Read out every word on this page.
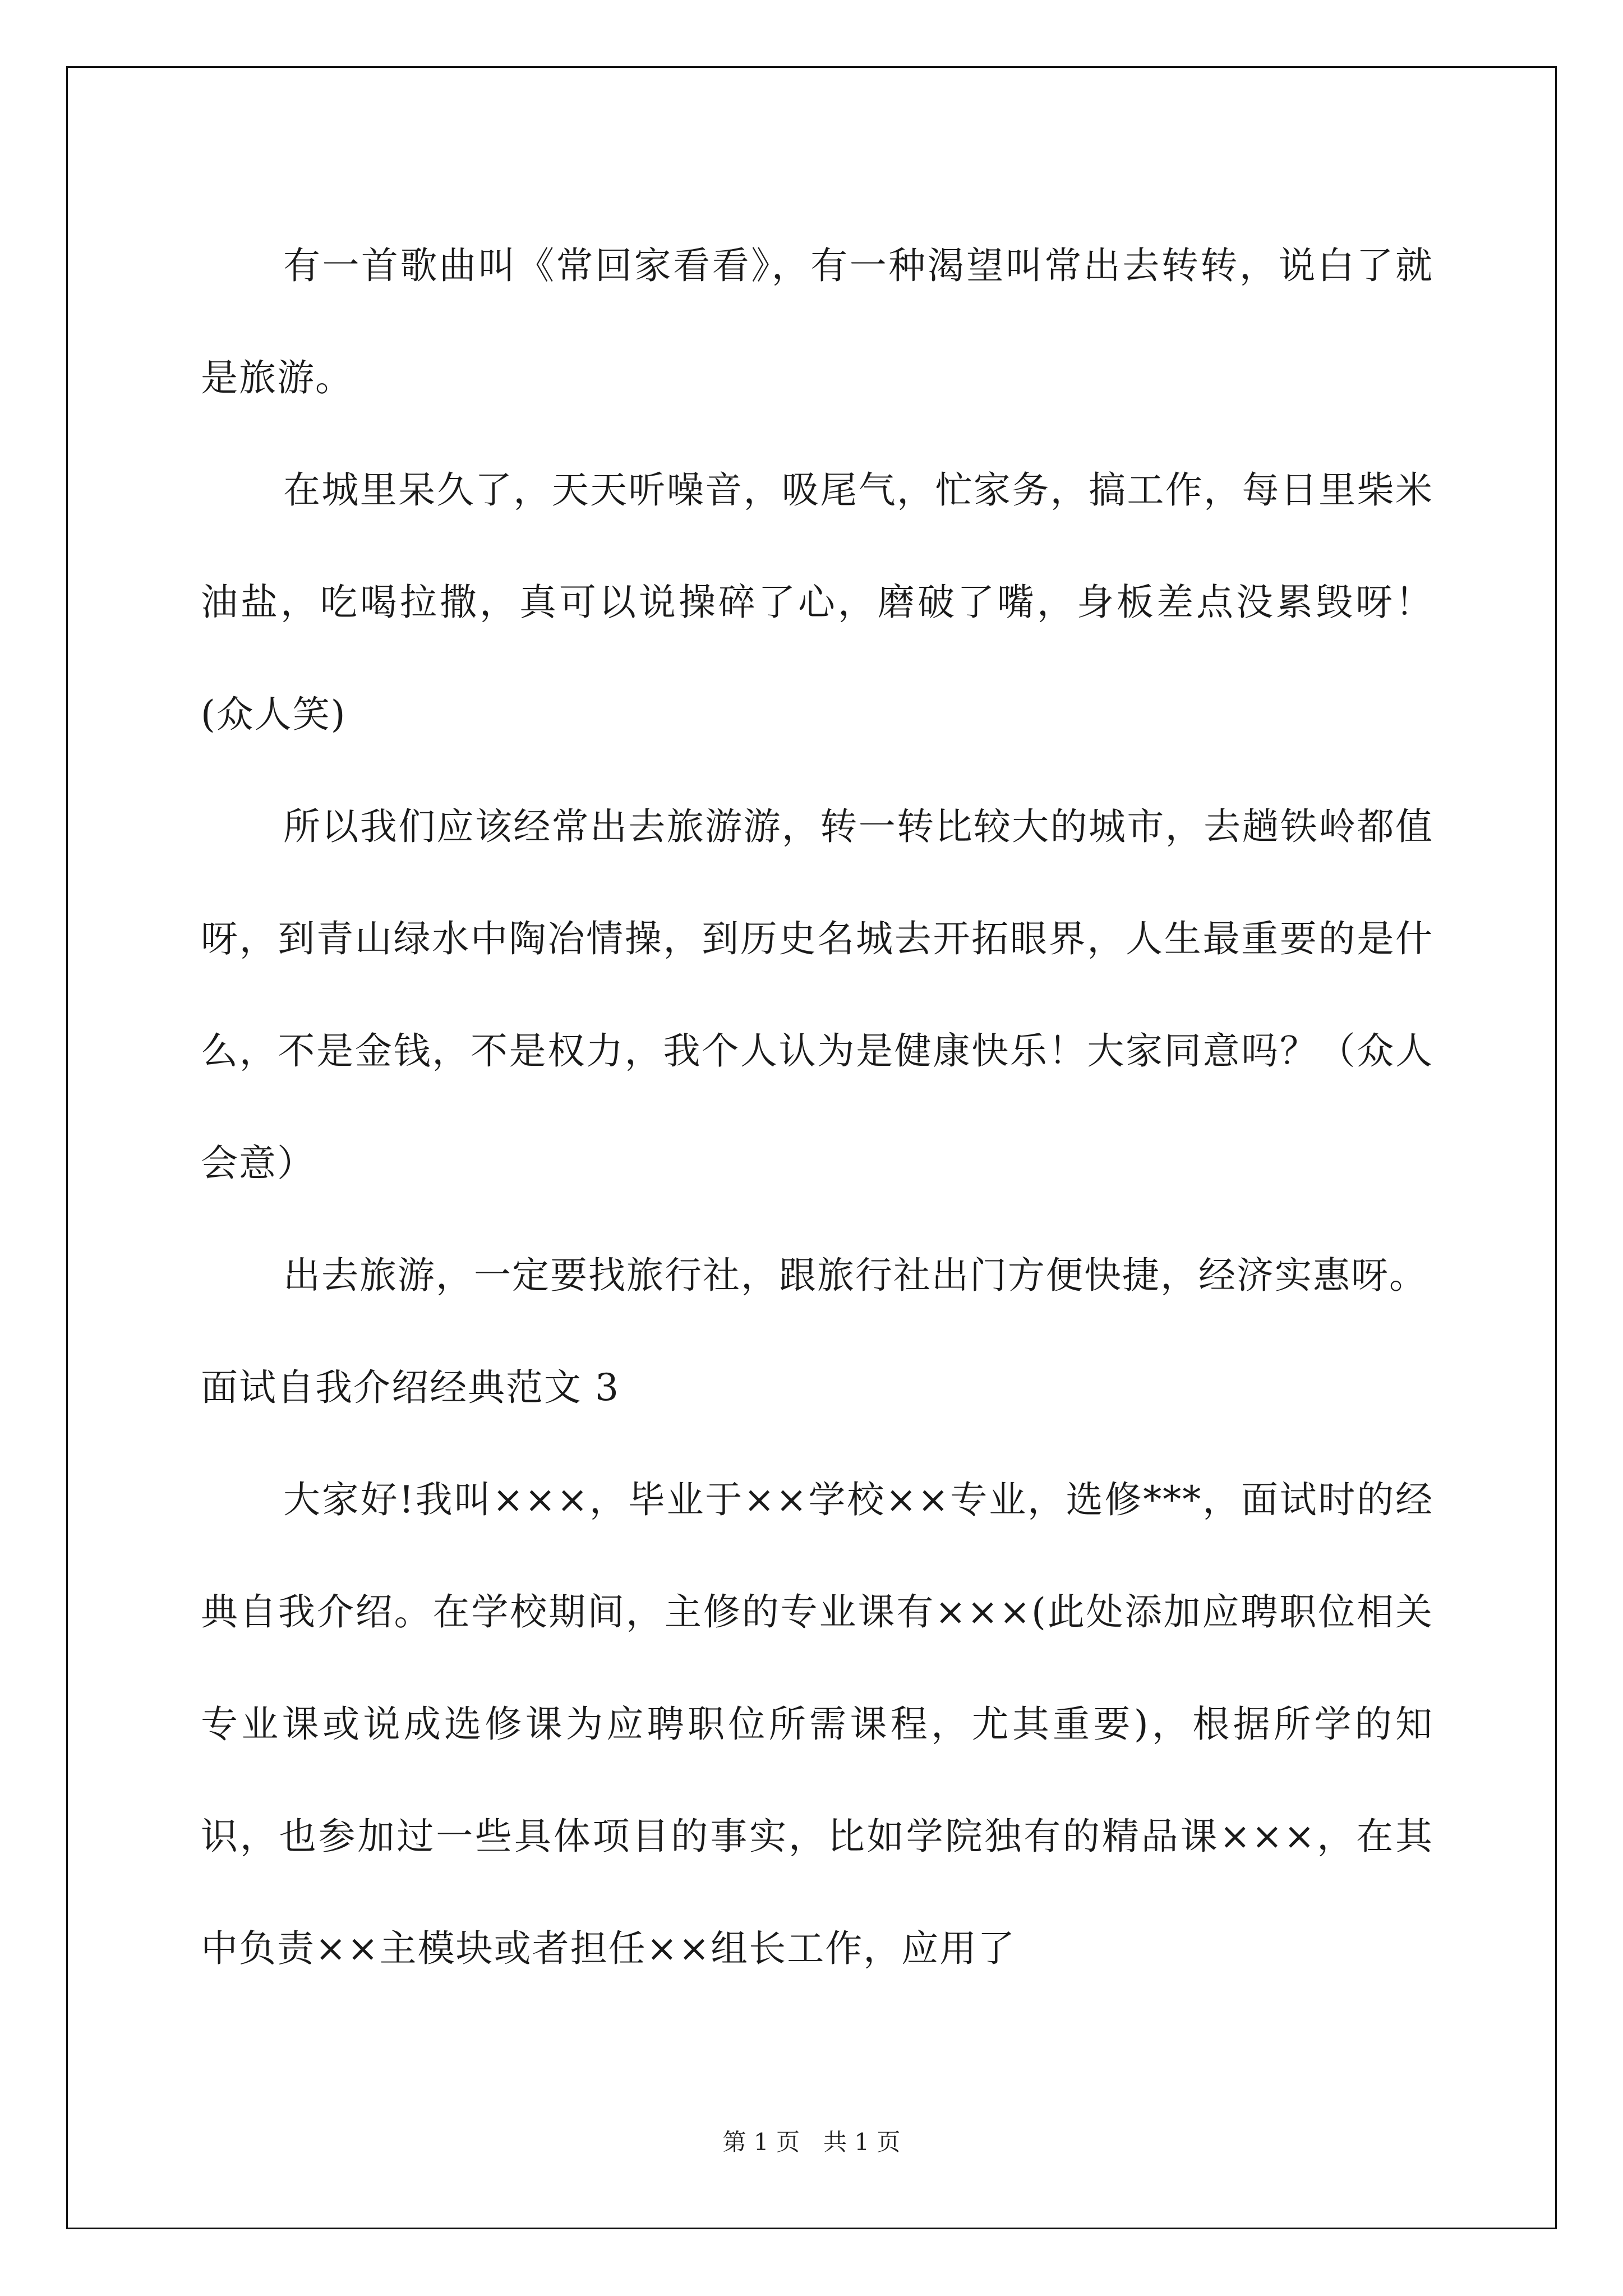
有一首歌曲叫《常回家看看》，有一种渴望叫常出去转转，说白了就是旅游。

在城里呆久了，天天听噪音，吸尾气，忙家务，搞工作，每日里柴米油盐，吃喝拉撒，真可以说操碎了心，磨破了嘴，身板差点没累毁呀！(众人笑)

所以我们应该经常出去旅游游，转一转比较大的城市，去趟铁岭都值呀，到青山绿水中陶冶情操，到历史名城去开拓眼界，人生最重要的是什么，不是金钱，不是权力，我个人认为是健康快乐！大家同意吗？（众人会意）

出去旅游，一定要找旅行社，跟旅行社出门方便快捷，经济实惠呀。

面试自我介绍经典范文 3

大家好!我叫×××，毕业于××学校××专业，选修***，面试时的经典自我介绍。在学校期间，主修的专业课有×××(此处添加应聘职位相关专业课或说成选修课为应聘职位所需课程，尤其重要)，根据所学的知识，也参加过一些具体项目的事实，比如学院独有的精品课×××，在其中负责××主模块或者担任××组长工作，应用了

第 1 页　共 1 页
